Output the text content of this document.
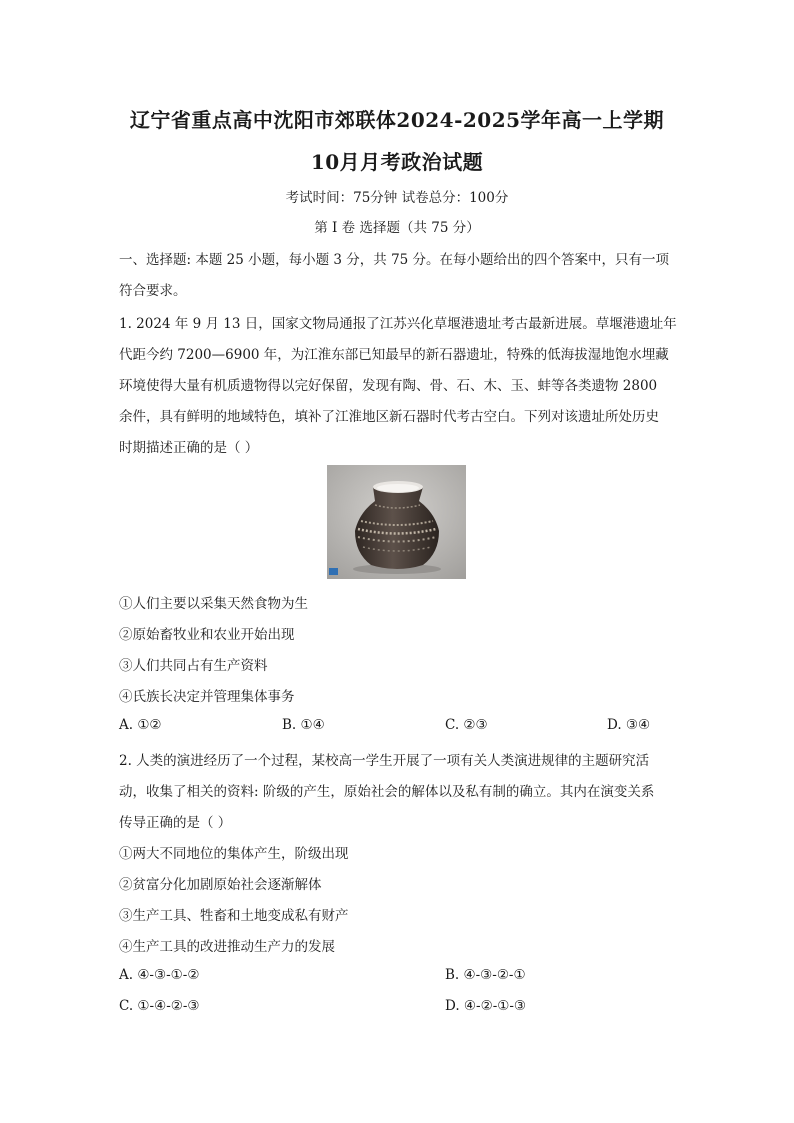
辽宁省重点高中沈阳市郊联体2024-2025学年高一上学期
10月月考政治试题
考试时间：75分钟 试卷总分：100分
第 I 卷 选择题（共 75 分）
一、选择题: 本题 25 小题，每小题 3 分，共 75 分。在每小题给出的四个答案中，只有一项
符合要求。
1. 2024 年 9 月 13 日，国家文物局通报了江苏兴化草堰港遗址考古最新进展。草堰港遗址年
代距今约 7200—6900 年，为江淮东部已知最早的新石器遗址，特殊的低海拔湿地饱水埋藏
环境使得大量有机质遗物得以完好保留，发现有陶、骨、石、木、玉、蚌等各类遗物 2800
余件，具有鲜明的地域特色，填补了江淮地区新石器时代考古空白。下列对该遗址所处历史
时期描述正确的是（ ）
①人们主要以采集天然食物为生
②原始畜牧业和农业开始出现
③人们共同占有生产资料
④氏族长决定并管理集体事务
A. ①②	B. ①④	C. ②③	D. ③④
2. 人类的演进经历了一个过程，某校高一学生开展了一项有关人类演进规律的主题研究活
动，收集了相关的资料: 阶级的产生，原始社会的解体以及私有制的确立。其内在演变关系
传导正确的是（ ）
①两大不同地位的集体产生，阶级出现
②贫富分化加剧原始社会逐渐解体
③生产工具、牲畜和土地变成私有财产
④生产工具的改进推动生产力的发展
A. ④-③-①-②	B. ④-③-②-①
C. ①-④-②-③	D. ④-②-①-③
